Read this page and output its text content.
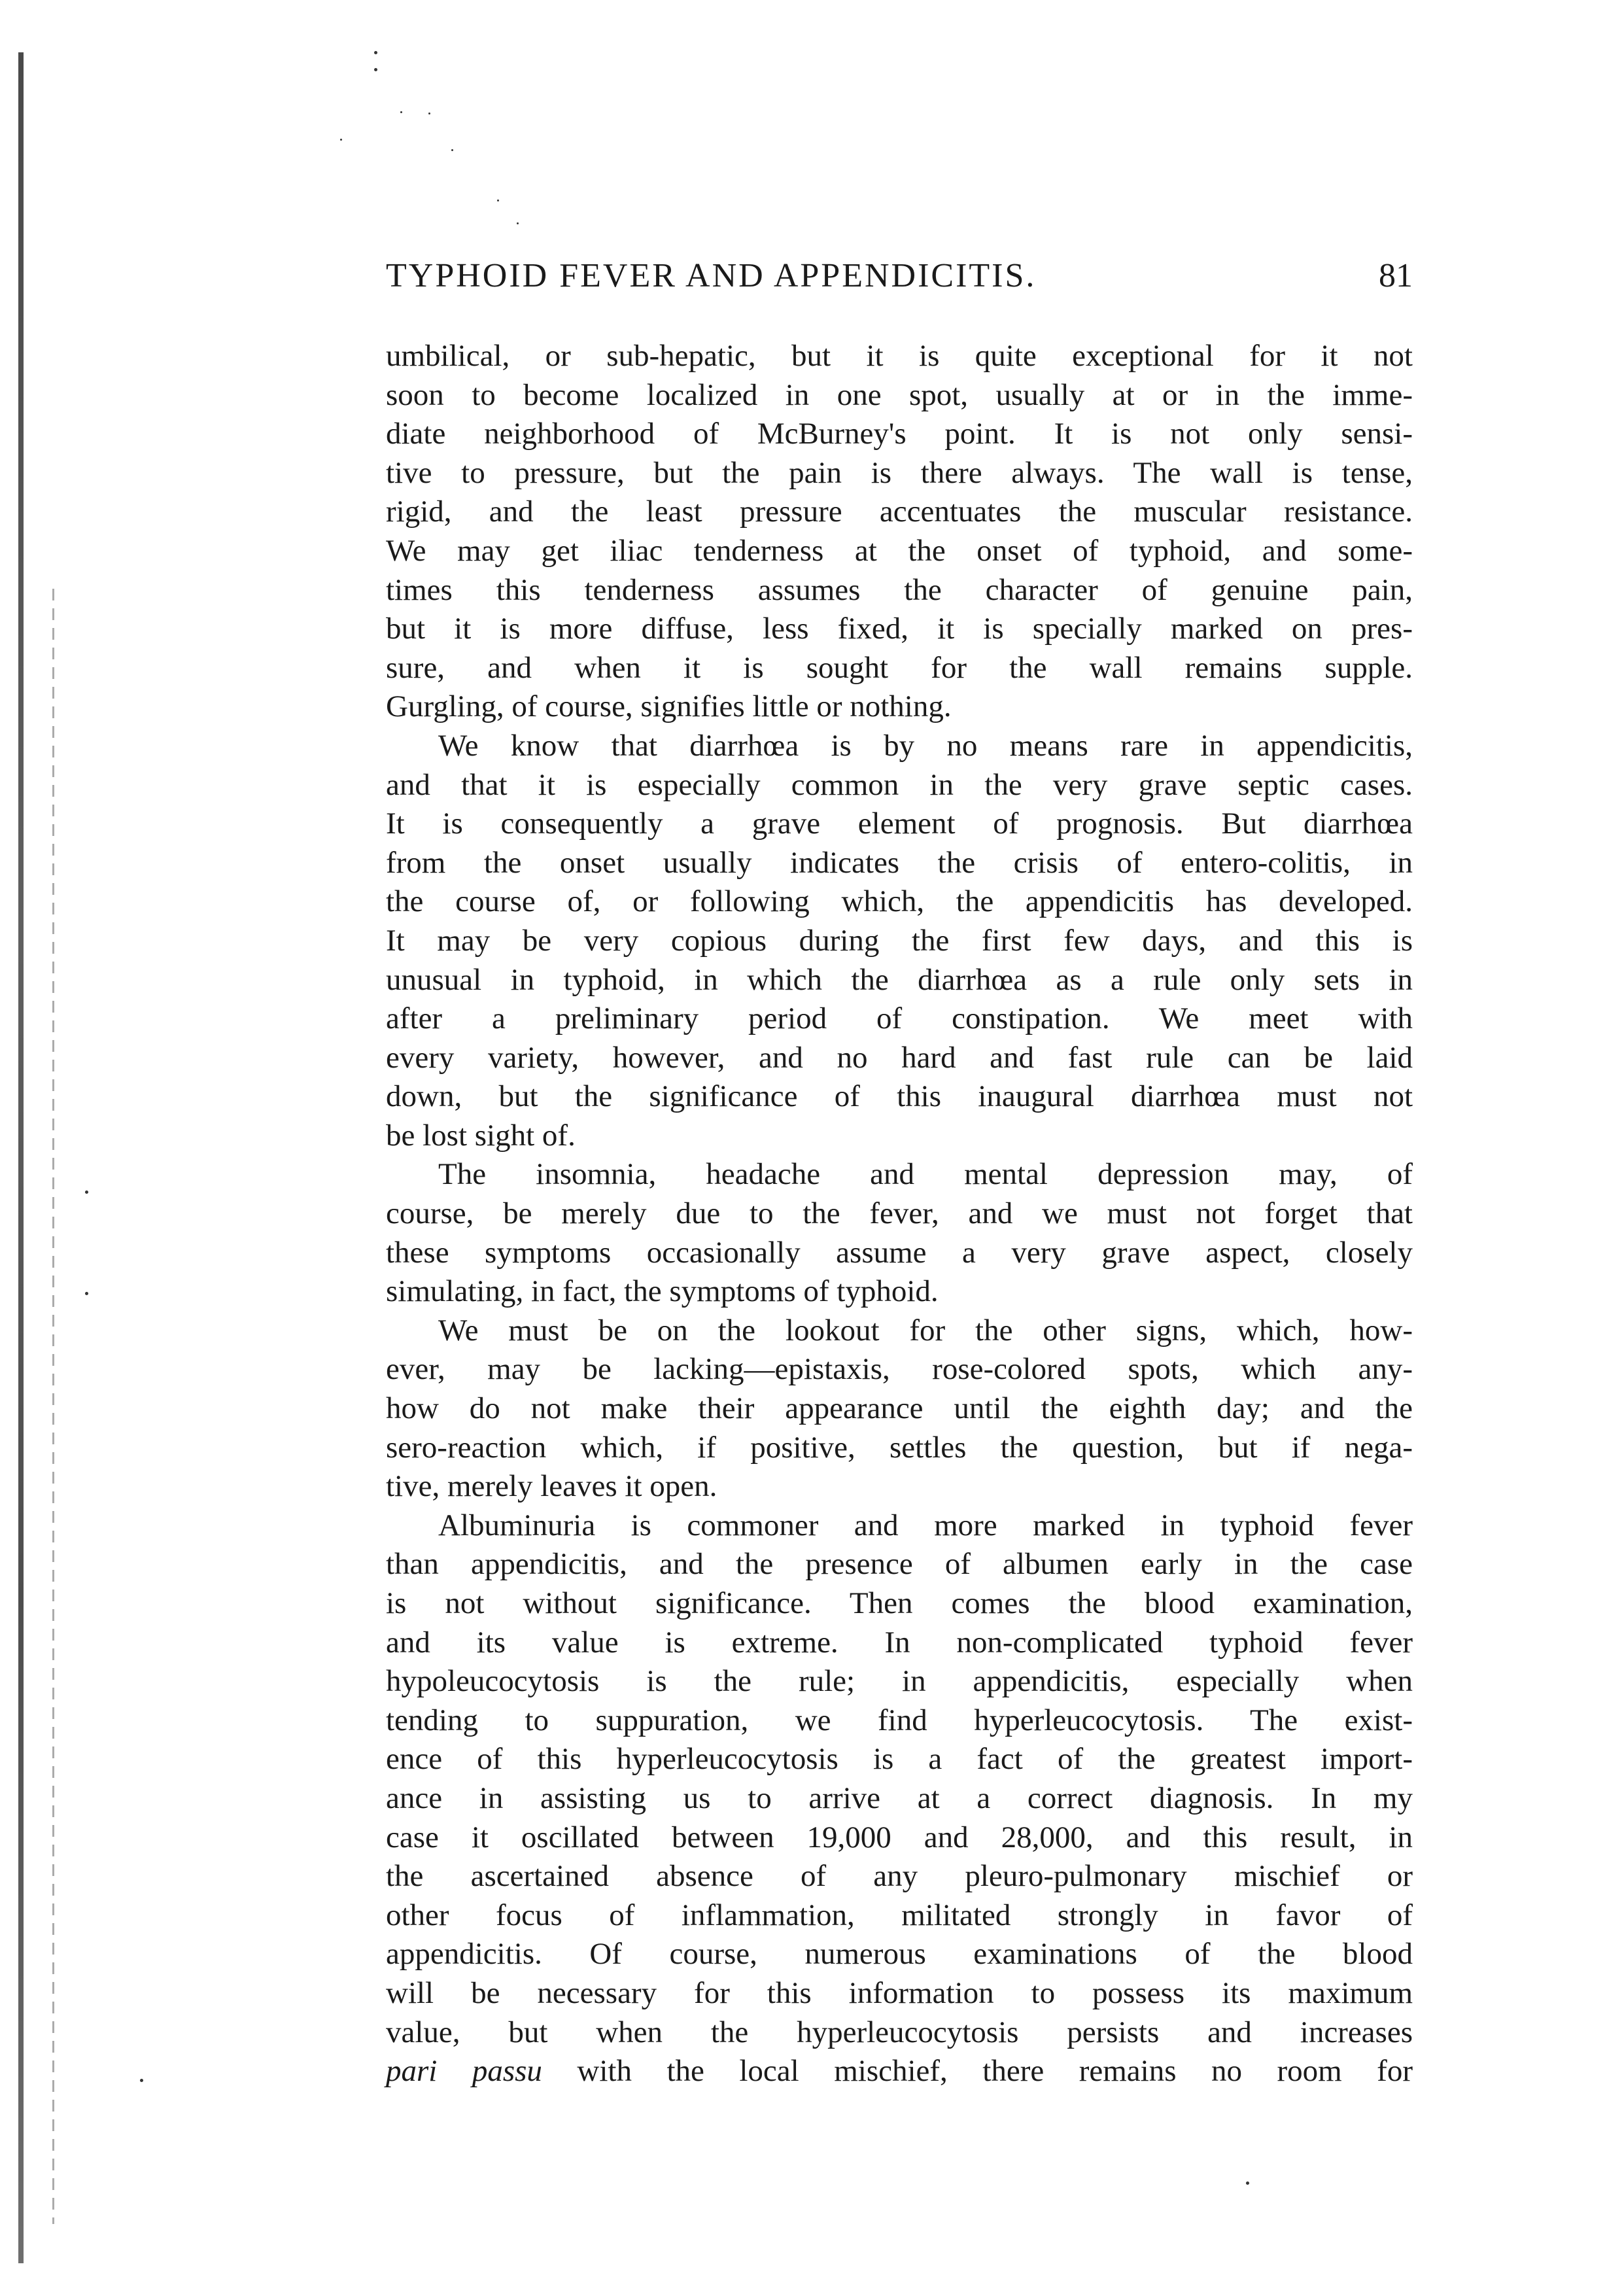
TYPHOID FEVER AND APPENDICITIS.	81
umbilical, or sub-hepatic, but it is quite exceptional for it not
soon to become localized in one spot, usually at or in the imme-
diate neighborhood of McBurney's point. It is not only sensi-
tive to pressure, but the pain is there always. The wall is tense,
rigid, and the least pressure accentuates the muscular resistance.
We may get iliac tenderness at the onset of typhoid, and some-
times this tenderness assumes the character of genuine pain,
but it is more diffuse, less fixed, it is specially marked on pres-
sure, and when it is sought for the wall remains supple.
Gurgling, of course, signifies little or nothing.
We know that diarrhœa is by no means rare in appendicitis,
and that it is especially common in the very grave septic cases.
It is consequently a grave element of prognosis. But diarrhœa
from the onset usually indicates the crisis of entero-colitis, in
the course of, or following which, the appendicitis has developed.
It may be very copious during the first few days, and this is
unusual in typhoid, in which the diarrhœa as a rule only sets in
after a preliminary period of constipation. We meet with
every variety, however, and no hard and fast rule can be laid
down, but the significance of this inaugural diarrhœa must not
be lost sight of.
The insomnia, headache and mental depression may, of
course, be merely due to the fever, and we must not forget that
these symptoms occasionally assume a very grave aspect, closely
simulating, in fact, the symptoms of typhoid.
We must be on the lookout for the other signs, which, how-
ever, may be lacking—epistaxis, rose-colored spots, which any-
how do not make their appearance until the eighth day; and the
sero-reaction which, if positive, settles the question, but if nega-
tive, merely leaves it open.
Albuminuria is commoner and more marked in typhoid fever
than appendicitis, and the presence of albumen early in the case
is not without significance. Then comes the blood examination,
and its value is extreme. In non-complicated typhoid fever
hypoleucocytosis is the rule; in appendicitis, especially when
tending to suppuration, we find hyperleucocytosis. The exist-
ence of this hyperleucocytosis is a fact of the greatest import-
ance in assisting us to arrive at a correct diagnosis. In my
case it oscillated between 19,000 and 28,000, and this result, in
the ascertained absence of any pleuro-pulmonary mischief or
other focus of inflammation, militated strongly in favor of
appendicitis. Of course, numerous examinations of the blood
will be necessary for this information to possess its maximum
value, but when the hyperleucocytosis persists and increases
pari passu with the local mischief, there remains no room for
